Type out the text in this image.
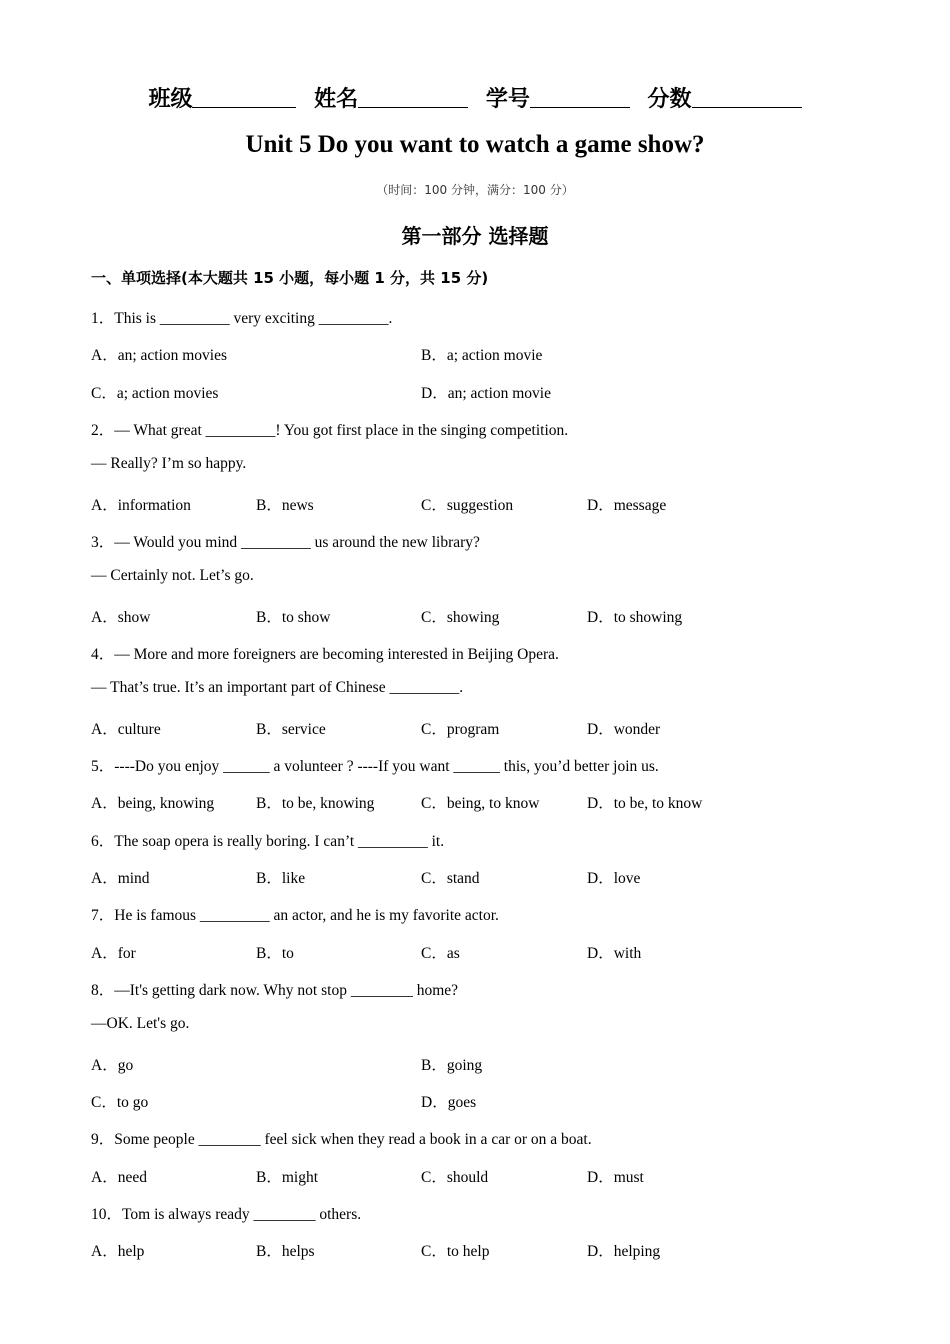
班级	姓名	学号	分数
Unit 5 Do you want to watch a game show?
（时间：100 分钟，满分：100 分）
第一部分 选择题
一、单项选择(本大题共 15 小题，每小题 1 分，共 15 分)
1．This is _________ very exciting _________.
A．an; action movies	B．a; action movie
C．a; action movies	D．an; action movie
2．— What great _________! You got first place in the singing competition.
— Really? I’m so happy.
A．information	B．news	C．suggestion	D．message
3．— Would you mind _________ us around the new library?
— Certainly not. Let’s go.
A．show	B．to show	C．showing	D．to showing
4．— More and more foreigners are becoming interested in Beijing Opera.
— That’s true. It’s an important part of Chinese _________.
A．culture	B．service	C．program	D．wonder
5．----Do you enjoy ______ a volunteer ? ----If you want ______ this, you’d better join us.
A．being, knowing	B．to be, knowing	C．being, to know	D．to be, to know
6．The soap opera is really boring. I can’t _________ it.
A．mind	B．like	C．stand	D．love
7．He is famous _________ an actor, and he is my favorite actor.
A．for	B．to	C．as	D．with
8．—It's getting dark now. Why not stop ________ home?
—OK. Let's go.
A．go	B．going
C．to go	D．goes
9．Some people ________ feel sick when they read a book in a car or on a boat.
A．need	B．might	C．should	D．must
10．Tom is always ready ________ others.
A．help	B．helps	C．to help	D．helping
